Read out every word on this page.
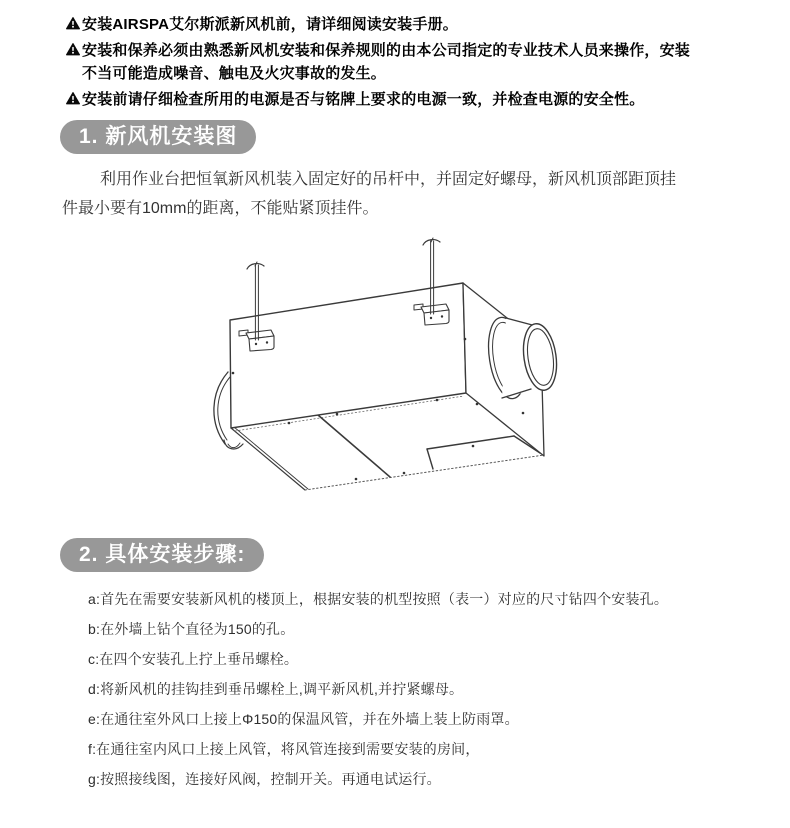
安装AIRSPA艾尔斯派新风机前，请详细阅读安装手册。
安装和保养必须由熟悉新风机安装和保养规则的由本公司指定的专业技术人员来操作，安装不当可能造成噪音、触电及火灾事故的发生。
安装前请仔细检查所用的电源是否与铭牌上要求的电源一致，并检查电源的安全性。
1. 新风机安装图
利用作业台把恒氧新风机装入固定好的吊杆中，并固定好螺母，新风机顶部距顶挂件最小要有10mm的距离，不能贴紧顶挂件。
2. 具体安装步骤:
a:首先在需要安装新风机的楼顶上，根据安装的机型按照（表一）对应的尺寸钻四个安装孔。
b:在外墙上钻个直径为150的孔。
c:在四个安装孔上拧上垂吊螺栓。
d:将新风机的挂钩挂到垂吊螺栓上,调平新风机,并拧紧螺母。
e:在通往室外风口上接上Φ150的保温风管，并在外墙上装上防雨罩。
f:在通往室内风口上接上风管，将风管连接到需要安装的房间，
g:按照接线图，连接好风阀，控制开关。再通电试运行。
